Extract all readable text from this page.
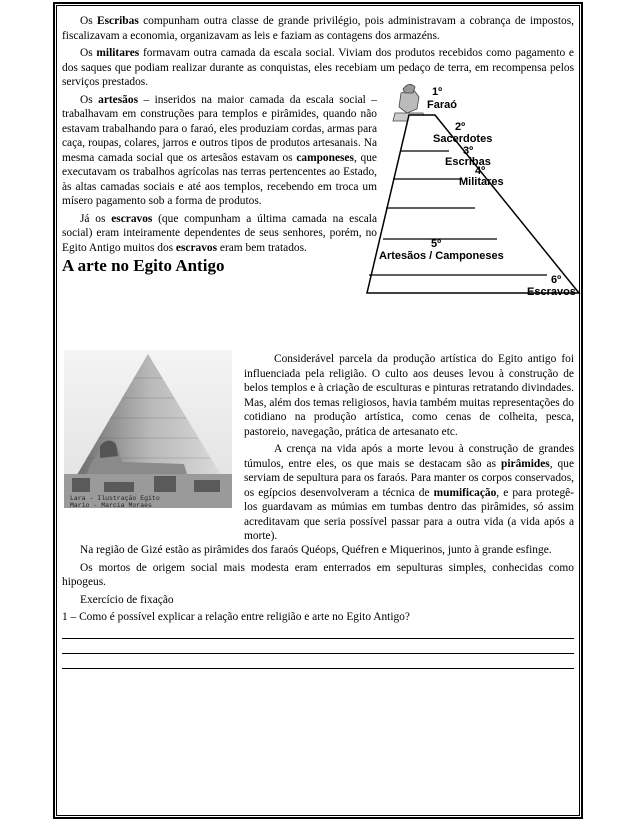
Os Escribas compunham outra classe de grande privilégio, pois administravam a cobrança de impostos, fiscalizavam a economia, organizavam as leis e faziam as contagens dos armazéns.

Os militares formavam outra camada da escala social. Viviam dos produtos recebidos como pagamento e dos saques que podiam realizar durante as conquistas, eles recebiam um pedaço de terra, em recompensa pelos serviços prestados.

Os artesãos – inseridos na maior camada da escala social – trabalhavam em construções para templos e pirâmides, quando não estavam trabalhando para o faraó, eles produziam cordas, armas para caça, roupas, colares, jarros e outros tipos de produtos artesanais. Na mesma camada social que os artesãos estavam os camponeses, que executavam os trabalhos agrícolas nas terras pertencentes ao Estado, às altas camadas sociais e até aos templos, recebendo em troca um mísero pagamento sob a forma de produtos.

Já os escravos (que compunham a última camada na escala social) eram inteiramente dependentes de seus senhores, porém, no Egito Antigo muitos dos escravos eram bem tratados.

A arte no Egito Antigo
1º
Faraó
2º
Sacerdotes
3º
Escribas
4º
Militares
5º
Artesãos / Camponeses
6º
Escravos
Lara - Ilustração Egito
Mario - Marcia Moraes

Considerável parcela da produção artística do Egito antigo foi influenciada pela religião. O culto aos deuses levou à construção de belos templos e à criação de esculturas e pinturas retratando divindades. Mas, além dos temas religiosos, havia também muitas representações do cotidiano na produção artística, como cenas de colheita, pesca, pastoreio, navegação, prática de artesanato etc.

A crença na vida após a morte levou à construção de grandes túmulos, entre eles, os que mais se destacam são as pirâmides, que serviam de sepultura para os faraós. Para manter os corpos conservados, os egípcios desenvolveram a técnica de mumificação, e para protegê-los guardavam as múmias em tumbas dentro das pirâmides, só assim acreditavam que seria possível passar para a outra vida (a vida após a morte).

Na região de Gizé estão as pirâmides dos faraós Quéops, Quéfren e Miquerinos, junto à grande esfinge.

Os mortos de origem social mais modesta eram enterrados em sepulturas simples, conhecidas como hipogeus.

Exercício de fixação

1 – Como é possível explicar a relação entre religião e arte no Egito Antigo?
